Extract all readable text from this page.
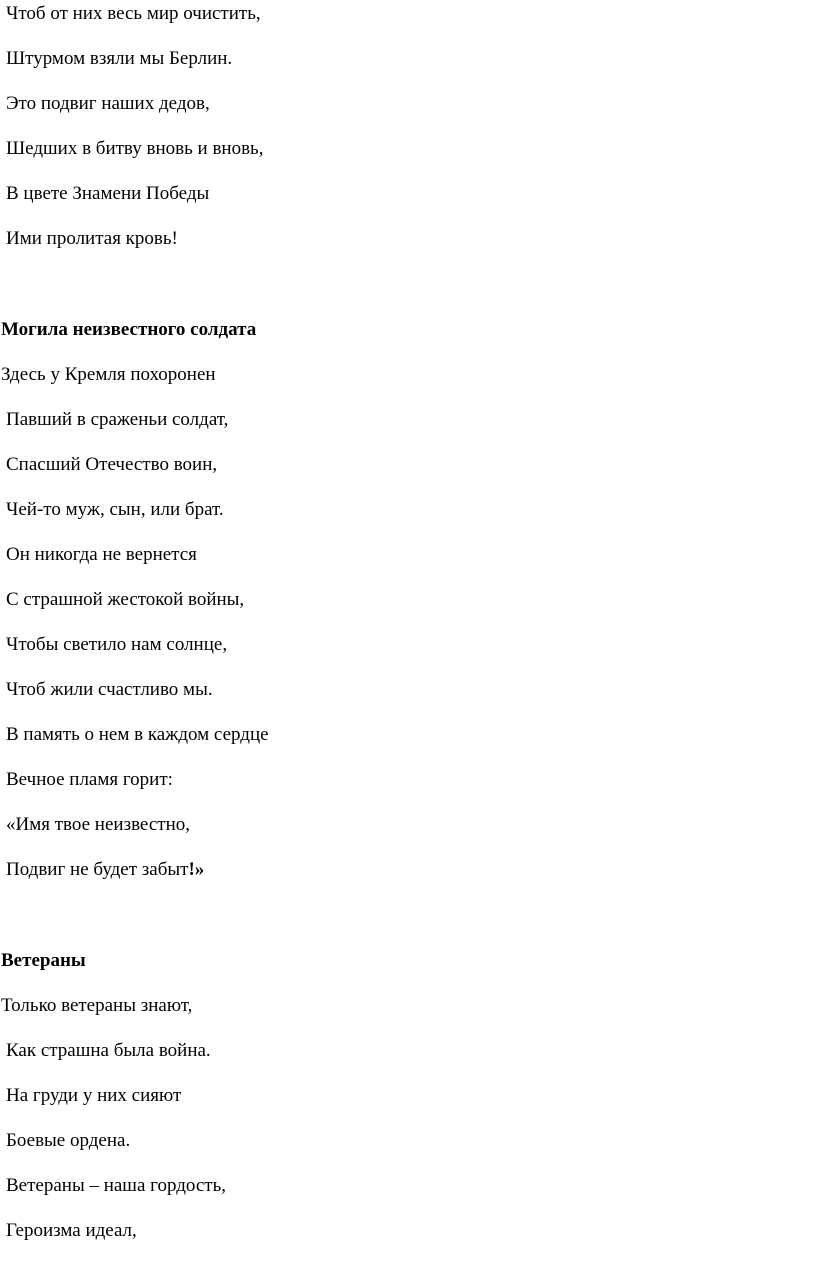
Чтоб от них весь мир очистить,
Штурмом взяли мы Берлин.
Это подвиг наших дедов,
Шедших в битву вновь и вновь,
В цвете Знамени Победы
Ими пролитая кровь!
Могила неизвестного солдата
Здесь у Кремля похоронен
Павший в сраженьи солдат,
Спасший Отечество воин,
Чей-то муж, сын, или брат.
Он никогда не вернется
С страшной жестокой войны,
Чтобы светило нам солнце,
Чтоб жили счастливо мы.
В память о нем в каждом сердце
Вечное пламя горит:
«Имя твое неизвестно,
Подвиг не будет забыт!»
Ветераны
Только ветераны знают,
Как страшна была война.
На груди у них сияют
Боевые ордена.
Ветераны – наша гордость,
Героизма идеал,
